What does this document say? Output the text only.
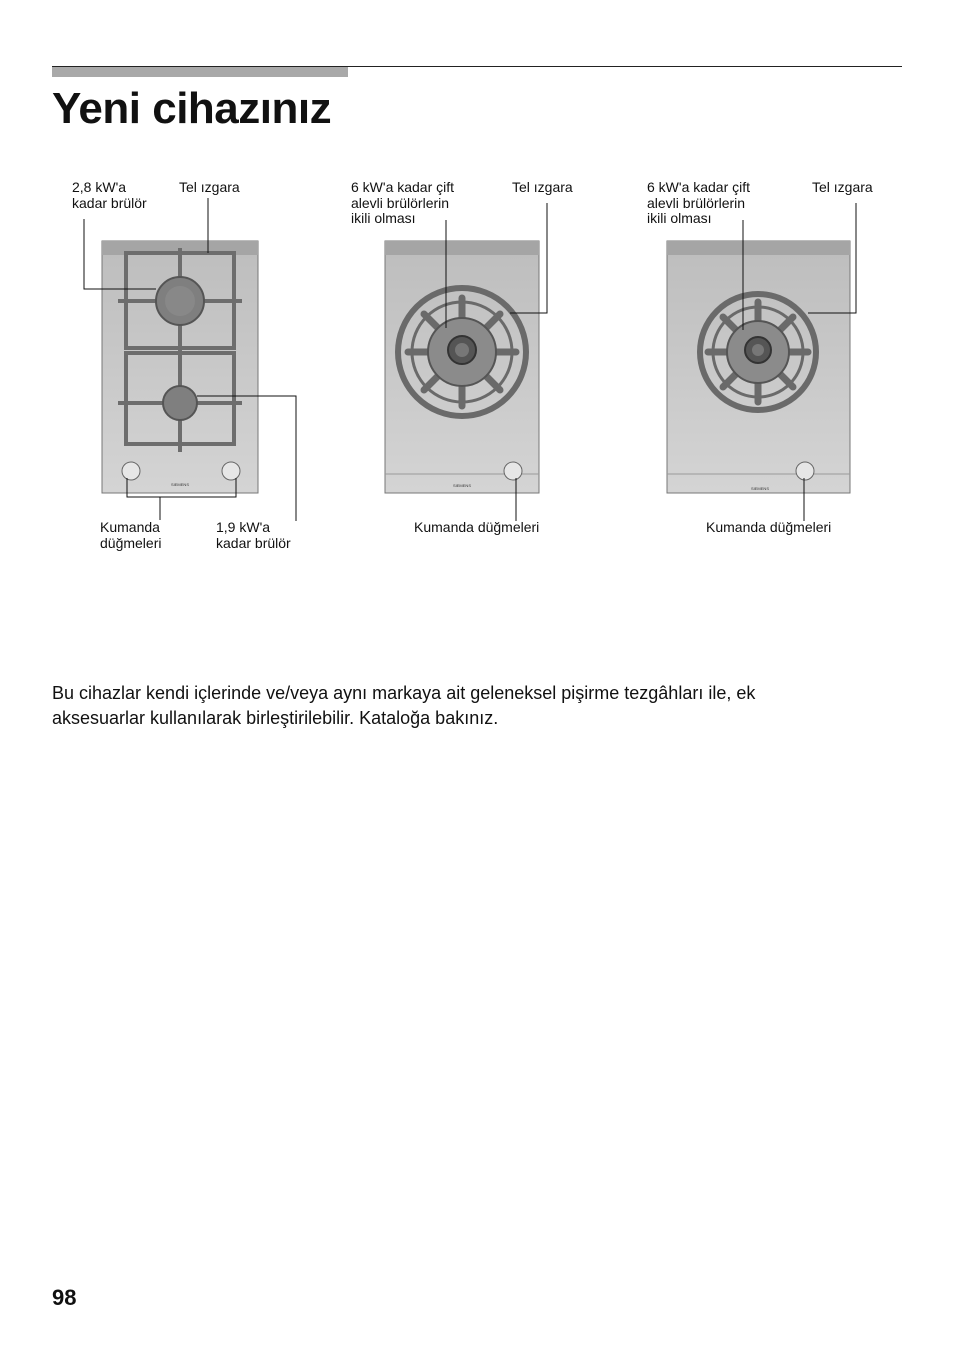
Yeni cihazınız
SIEMENS	SIEMENS
SIEMENS
2,8 kW'a
kadar brülör
Tel ızgara
Kumanda
düğmeleri
1,9 kW'a
kadar brülör
6 kW'a kadar çift
alevli brülörlerin
ikili olması
Tel ızgara
Kumanda düğmeleri
6 kW'a kadar çift
alevli brülörlerin
ikili olması
Tel ızgara
Kumanda düğmeleri

Bu cihazlar kendi içlerinde ve/veya aynı markaya ait geleneksel pişirme tezgâhları ile, ek
aksesuarlar kullanılarak birleştirilebilir. Kataloğa bakınız.

98
